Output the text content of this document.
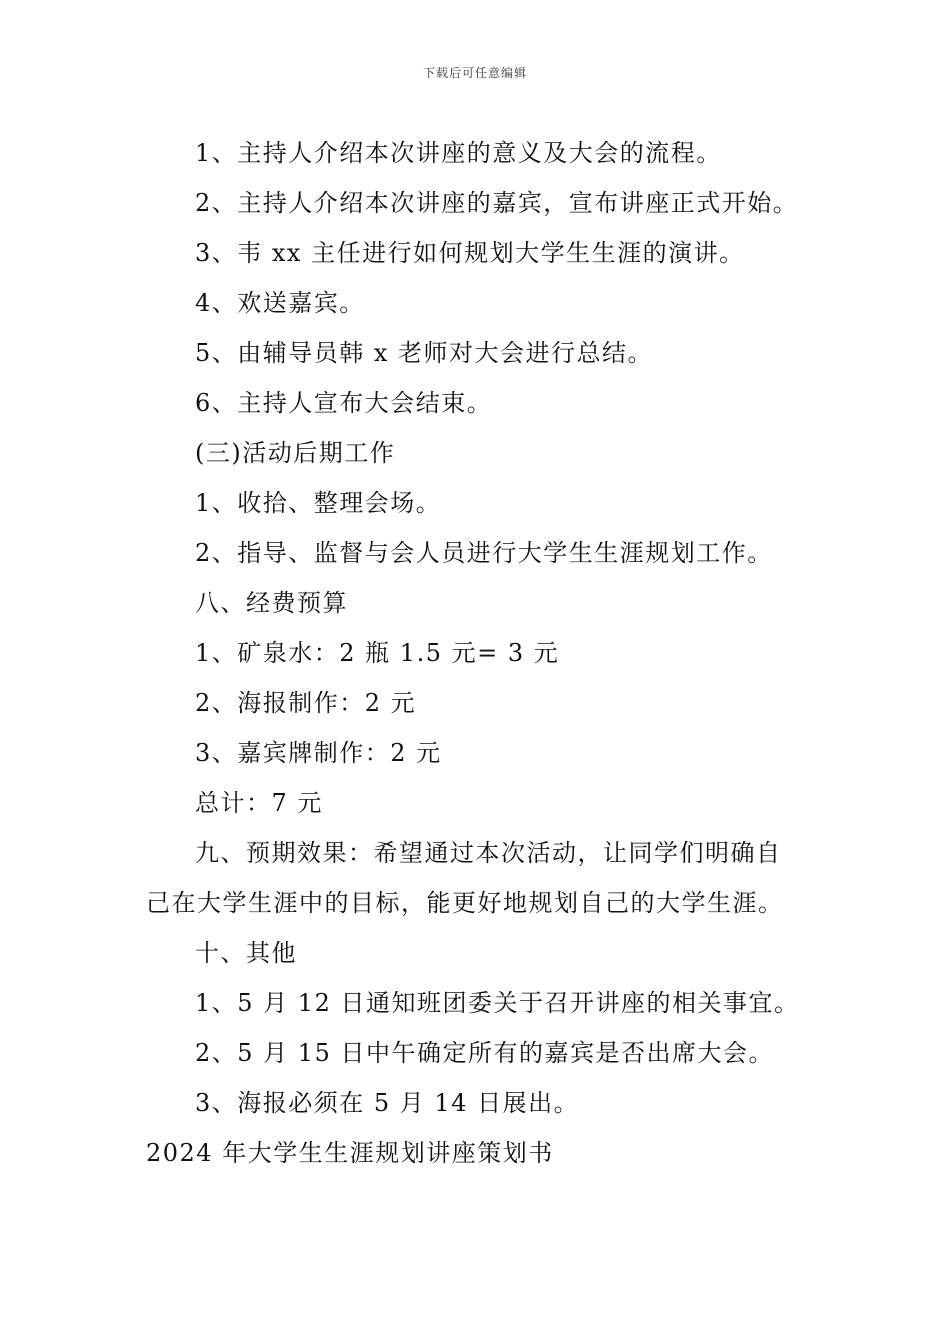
下载后可任意编辑
1、主持人介绍本次讲座的意义及大会的流程。
2、主持人介绍本次讲座的嘉宾，宣布讲座正式开始。
3、韦 xx 主任进行如何规划大学生生涯的演讲。
4、欢送嘉宾。
5、由辅导员韩 x 老师对大会进行总结。
6、主持人宣布大会结束。
(三)活动后期工作
1、收拾、整理会场。
2、指导、监督与会人员进行大学生生涯规划工作。
八、经费预算
1、矿泉水：2 瓶 1.5 元= 3 元
2、海报制作：2 元
3、嘉宾牌制作：2 元
总计：7 元
九、预期效果：希望通过本次活动，让同学们明确自
己在大学生涯中的目标，能更好地规划自己的大学生涯。
十、其他
1、5 月 12 日通知班团委关于召开讲座的相关事宜。
2、5 月 15 日中午确定所有的嘉宾是否出席大会。
3、海报必须在 5 月 14 日展出。
2024 年大学生生涯规划讲座策划书
